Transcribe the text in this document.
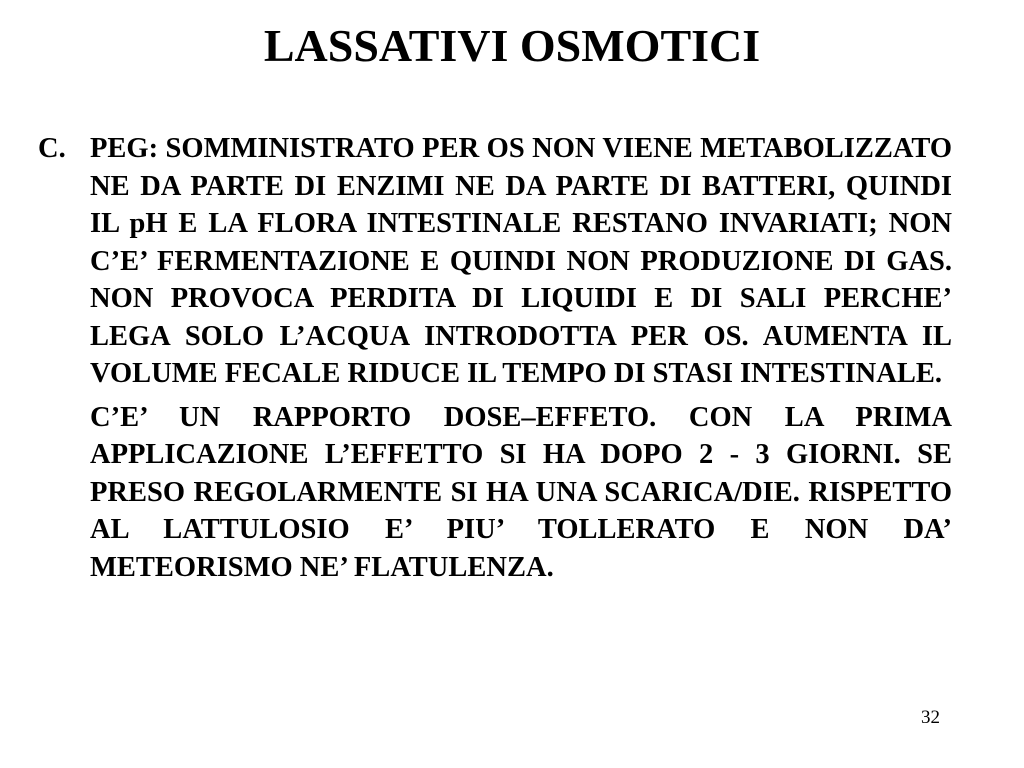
LASSATIVI OSMOTICI
C. PEG: SOMMINISTRATO PER OS NON VIENE METABOLIZZATO NE DA PARTE DI ENZIMI NE DA PARTE DI BATTERI, QUINDI IL pH E LA FLORA INTESTINALE RESTANO INVARIATI; NON C’E’ FERMENTAZIONE E QUINDI NON PRODUZIONE DI GAS. NON PROVOCA PERDITA DI LIQUIDI E DI SALI PERCHE’ LEGA SOLO L’ACQUA INTRODOTTA PER OS. AUMENTA IL VOLUME FECALE RIDUCE IL TEMPO DI STASI INTESTINALE.

C’E’ UN RAPPORTO DOSE–EFFETO. CON LA PRIMA APPLICAZIONE L’EFFETTO SI HA DOPO 2 - 3 GIORNI. SE PRESO REGOLARMENTE SI HA UNA SCARICA/DIE. RISPETTO AL LATTULOSIO E’ PIU’ TOLLERATO E NON DA’ METEORISMO NE’ FLATULENZA.

32
